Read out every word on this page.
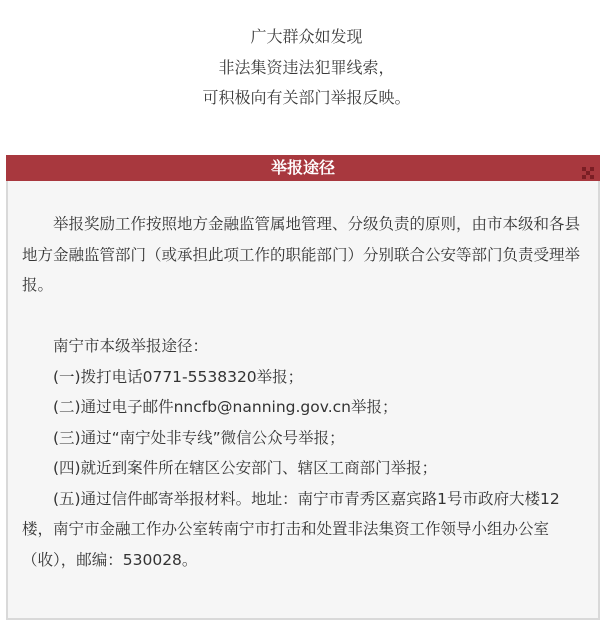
广大群众如发现
非法集资违法犯罪线索，
可积极向有关部门举报反映。
举报途径

举报奖励工作按照地方金融监管属地管理、分级负责的原则，由市本级和各县地方金融监管部门（或承担此项工作的职能部门）分别联合公安等部门负责受理举报。

南宁市本级举报途径：

(一)拨打电话0771-5538320举报；

(二)通过电子邮件nncfb@nanning.gov.cn举报；

(三)通过“南宁处非专线”微信公众号举报；

(四)就近到案件所在辖区公安部门、辖区工商部门举报；

(五)通过信件邮寄举报材料。地址：南宁市青秀区嘉宾路1号市政府大楼12楼，南宁市金融工作办公室转南宁市打击和处置非法集资工作领导小组办公室（收），邮编：530028。
